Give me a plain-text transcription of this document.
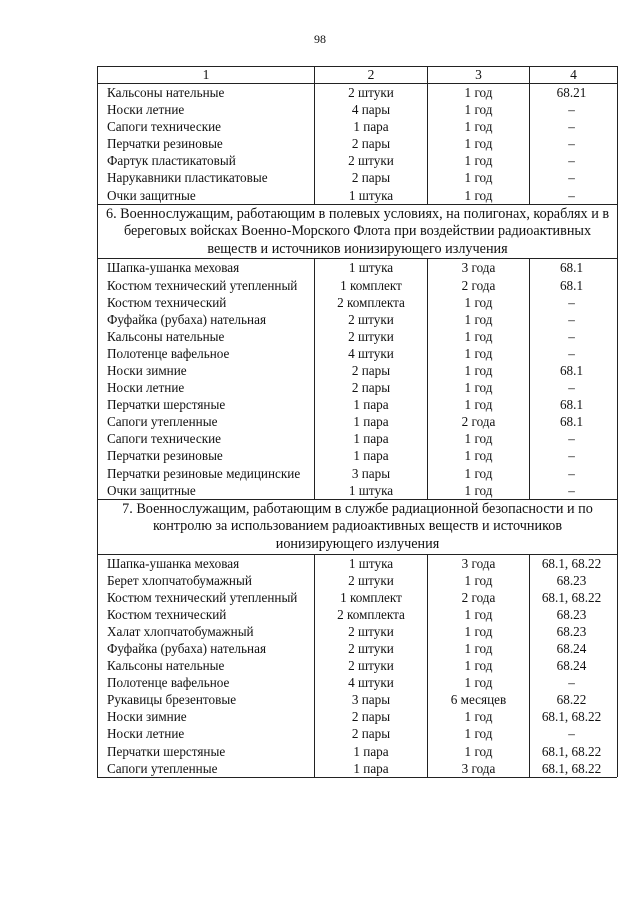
98
1	2	3	4
Кальсоны нательные	2 штуки	1 год	68.21
Носки летние	4 пары	1 год	–
Сапоги технические	1 пара	1 год	–
Перчатки резиновые	2 пары	1 год	–
Фартук пластикатовый	2 штуки	1 год	–
Нарукавники пластикатовые	2 пары	1 год	–
Очки защитные	1 штука	1 год	–
6. Военнослужащим, работающим в полевых условиях, на полигонах, кораблях и в береговых войсках Военно-Морского Флота при воздействии радиоактивных веществ и источников ионизирующего излучения			
Шапка-ушанка меховая	1 штука	3 года	68.1
Костюм технический утепленный	1 комплект	2 года	68.1
Костюм технический	2 комплекта	1 год	–
Фуфайка (рубаха) нательная	2 штуки	1 год	–
Кальсоны нательные	2 штуки	1 год	–
Полотенце вафельное	4 штуки	1 год	–
Носки зимние	2 пары	1 год	68.1
Носки летние	2 пары	1 год	–
Перчатки шерстяные	1 пара	1 год	68.1
Сапоги утепленные	1 пара	2 года	68.1
Сапоги технические	1 пара	1 год	–
Перчатки резиновые	1 пара	1 год	–
Перчатки резиновые медицинские	3 пары	1 год	–
Очки защитные	1 штука	1 год	–
7. Военнослужащим, работающим в службе радиационной безопасности и по контролю за использованием радиоактивных веществ и источников ионизирующего излучения			
Шапка-ушанка меховая	1 штука	3 года	68.1, 68.22
Берет хлопчатобумажный	2 штуки	1 год	68.23
Костюм технический утепленный	1 комплект	2 года	68.1, 68.22
Костюм технический	2 комплекта	1 год	68.23
Халат хлопчатобумажный	2 штуки	1 год	68.23
Фуфайка (рубаха) нательная	2 штуки	1 год	68.24
Кальсоны нательные	2 штуки	1 год	68.24
Полотенце вафельное	4 штуки	1 год	–
Рукавицы брезентовые	3 пары	6 месяцев	68.22
Носки зимние	2 пары	1 год	68.1, 68.22
Носки летние	2 пары	1 год	–
Перчатки шерстяные	1 пара	1 год	68.1, 68.22
Сапоги утепленные	1 пара	3 года	68.1, 68.22
